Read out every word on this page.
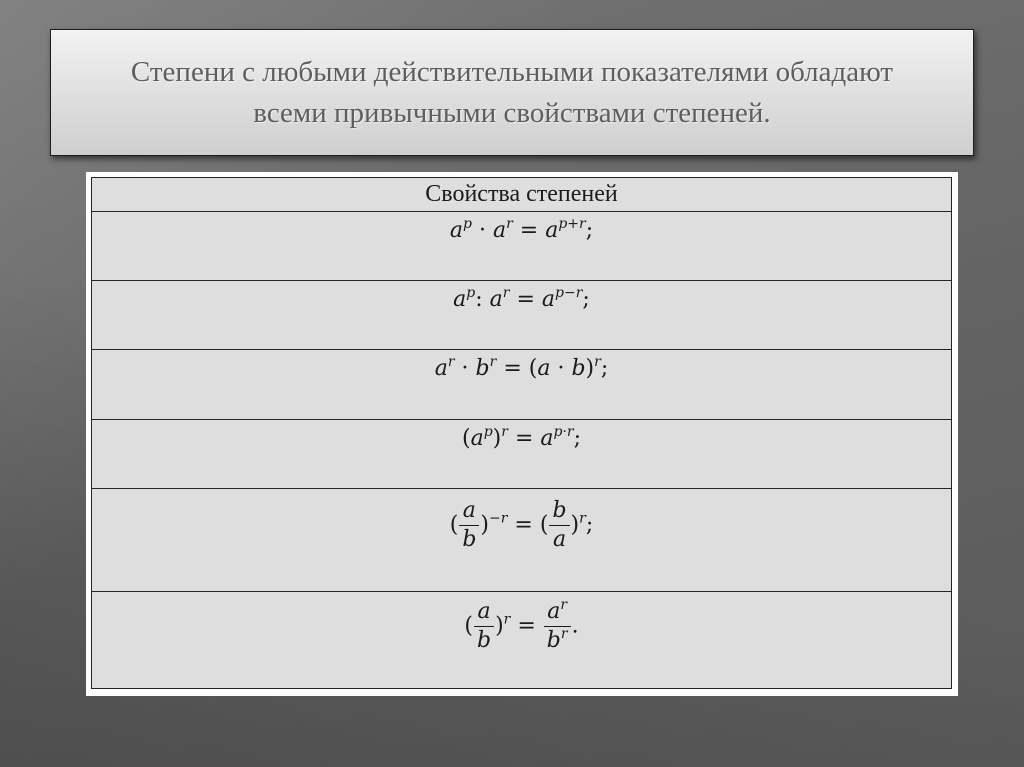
Степени с любыми действительными показателями обладают
всеми привычными свойствами степеней.

Свойства степеней
$a^p \cdot a^r = a^{p+r}$;
$a^p$: $a^r = a^{p-r}$;
$a^r \cdot b^r = (a \cdot b)^r$;
$(a^p)^r = a^{p\cdot r}$;
( $\frac{a}{b} )^{-r}$ = ( $\frac{b}{a} )^r$;
( $\frac{a}{b} )^r = \frac{a^r}{b^r}$ .
